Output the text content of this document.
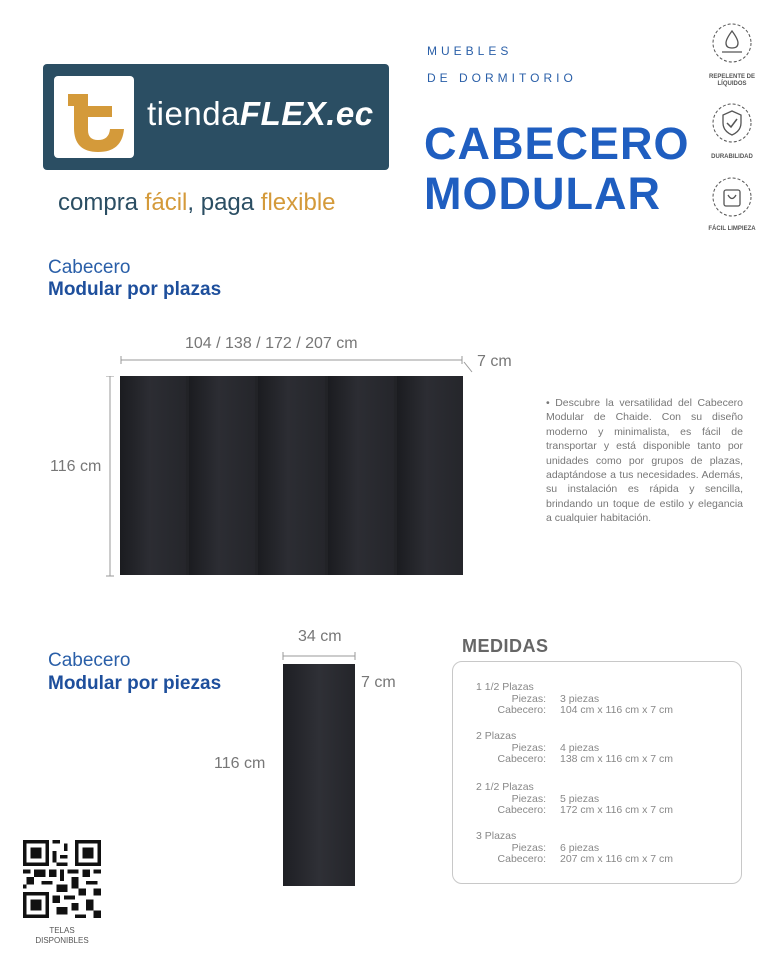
tiendaFLEX.ec
compra fácil, paga flexible
MUEBLES
DE DORMITORIO
CABECERO
MODULAR
REPELENTE DE LÍQUIDOS
DURABILIDAD
FÁCIL LIMPIEZA
Cabecero
Modular por plazas
104 / 138 / 172 / 207 cm
7 cm
116 cm
• Descubre la versatilidad del Cabecero Modular de Chaide. Con su diseño moderno y minimalista, es fácil de transportar y está disponible tanto por unidades como por grupos de plazas, adaptándose a tus necesidades. Además, su instalación es rápida y sencilla, brindando un toque de estilo y elegancia a cualquier habitación.
Cabecero
Modular por piezas
34 cm
7 cm
116 cm
MEDIDAS
1 1/2 Plazas
Piezas:	3 piezas
Cabecero:	104 cm x 116 cm x 7 cm
2 Plazas
Piezas:	4 piezas
Cabecero:	138 cm x 116 cm x 7 cm
2 1/2 Plazas
Piezas:	5 piezas
Cabecero:	172 cm x 116 cm x 7 cm
3 Plazas
Piezas:	6 piezas
Cabecero:	207 cm x 116 cm x 7 cm
TELAS DISPONIBLES
